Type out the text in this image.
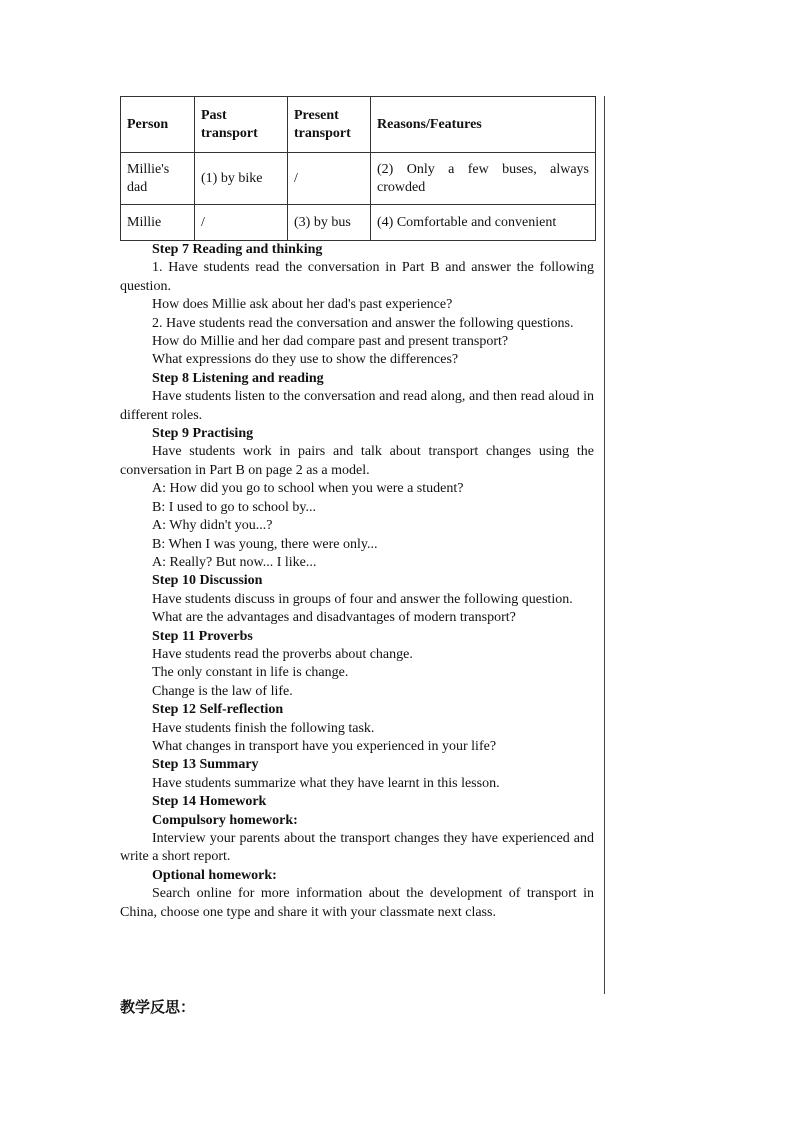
Person	Past transport	Present transport	Reasons/Features
Millie's dad	(1) by bike	/	(2) Only a few buses, always crowded
Millie	/	(3) by bus	(4) Comfortable and convenient

Step 7 Reading and thinking

1. Have students read the conversation in Part B and answer the following question.

How does Millie ask about her dad's past experience?

2. Have students read the conversation and answer the following questions.

How do Millie and her dad compare past and present transport?

What expressions do they use to show the differences?

Step 8 Listening and reading

Have students listen to the conversation and read along, and then read aloud in different roles.

Step 9 Practising

Have students work in pairs and talk about transport changes using the conversation in Part B on page 2 as a model.

A: How did you go to school when you were a student?

B: I used to go to school by...

A: Why didn't you...?

B: When I was young, there were only...

A: Really? But now... I like...

Step 10 Discussion

Have students discuss in groups of four and answer the following question.

What are the advantages and disadvantages of modern transport?

Step 11 Proverbs

Have students read the proverbs about change.

The only constant in life is change.

Change is the law of life.

Step 12 Self-reflection

Have students finish the following task.

What changes in transport have you experienced in your life?

Step 13 Summary

Have students summarize what they have learnt in this lesson.

Step 14 Homework

Compulsory homework:

Interview your parents about the transport changes they have experienced and write a short report.

Optional homework:

Search online for more information about the development of transport in China, choose one type and share it with your classmate next class.

教学反思：
